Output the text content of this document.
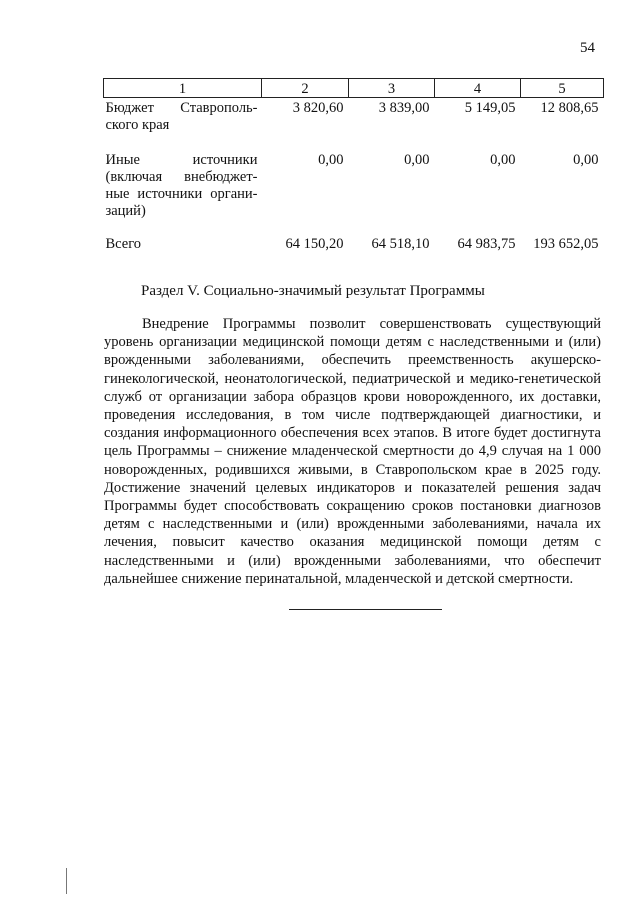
54
1	2	3	4	5
Бюджет Ставрополь-ского края	3 820,60	3 839,00	5 149,05	12 808,65
Иные источники (включая внебюджет-ные источники органи-заций)	0,00	0,00	0,00	0,00
Всего	64 150,20	64 518,10	64 983,75	193 652,05
Раздел V. Социально-значимый результат Программы

Внедрение Программы позволит совершенствовать существующий уровень организации медицинской помощи детям с наследственными и (или) врожденными заболеваниями, обеспечить преемственность акушерско-гинекологической, неонатологической, педиатрической и медико-генетической служб от организации забора образцов крови новорожденного, их доставки, проведения исследования, в том числе подтверждающей диагностики, и создания информационного обеспечения всех этапов. В итоге будет достигнута цель Программы – снижение младенческой смертности до 4,9 случая на 1 000 новорожденных, родившихся живыми, в Ставропольском крае в 2025 году. Достижение значений целевых индикаторов и показателей решения задач Программы будет способствовать сокращению сроков постановки диагнозов детям с наследственными и (или) врожденными заболеваниями, начала их лечения, повысит качество оказания медицинской помощи детям с наследственными и (или) врожденными заболеваниями, что обеспечит дальнейшее снижение перинатальной, младенческой и детской смертности.
